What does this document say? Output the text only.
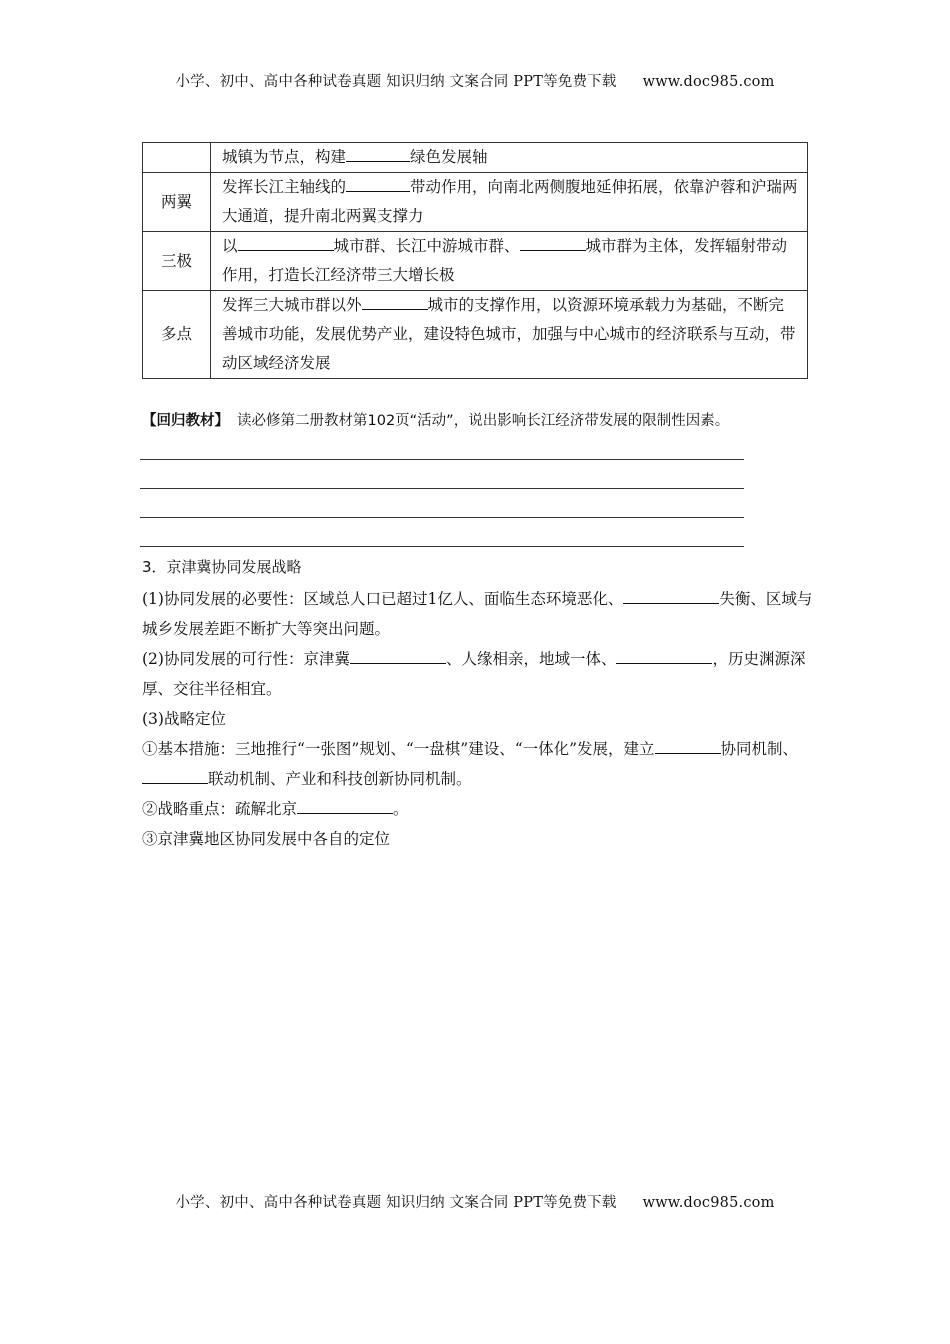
小学、初中、高中各种试卷真题 知识归纳 文案合同 PPT等免费下载 www.doc985.com
	城镇为节点，构建 绿色发展轴
两翼	发挥长江主轴线的 带动作用，向南北两侧腹地延伸拓展，依靠沪蓉和沪瑞两大通道，提升南北两翼支撑力
三极	以 城市群、长江中游城市群、 城市群为主体，发挥辐射带动作用，打造长江经济带三大增长极
多点	发挥三大城市群以外 城市的支撑作用，以资源环境承载力为基础，不断完善城市功能，发展优势产业，建设特色城市，加强与中心城市的经济联系与互动，带动区域经济发展
【回归教材】 读必修第二册教材第102页“活动”，说出影响长江经济带发展的限制性因素。
3．京津冀协同发展战略

(1)协同发展的必要性：区域总人口已超过1亿人、面临生态环境恶化、	失衡、区域与城乡发展差距不断扩大等突出问题。

(2)协同发展的可行性：京津冀	、人缘相亲，地域一体、	，历史渊源深厚、交往半径相宜。

(3)战略定位

①基本措施：三地推行“一张图”规划、“一盘棋”建设、“一体化”发展，建立	协同机制、联动机制、产业和科技创新协同机制。

②战略重点：疏解北京	。

③京津冀地区协同发展中各自的定位

小学、初中、高中各种试卷真题 知识归纳 文案合同 PPT等免费下载 www.doc985.com
